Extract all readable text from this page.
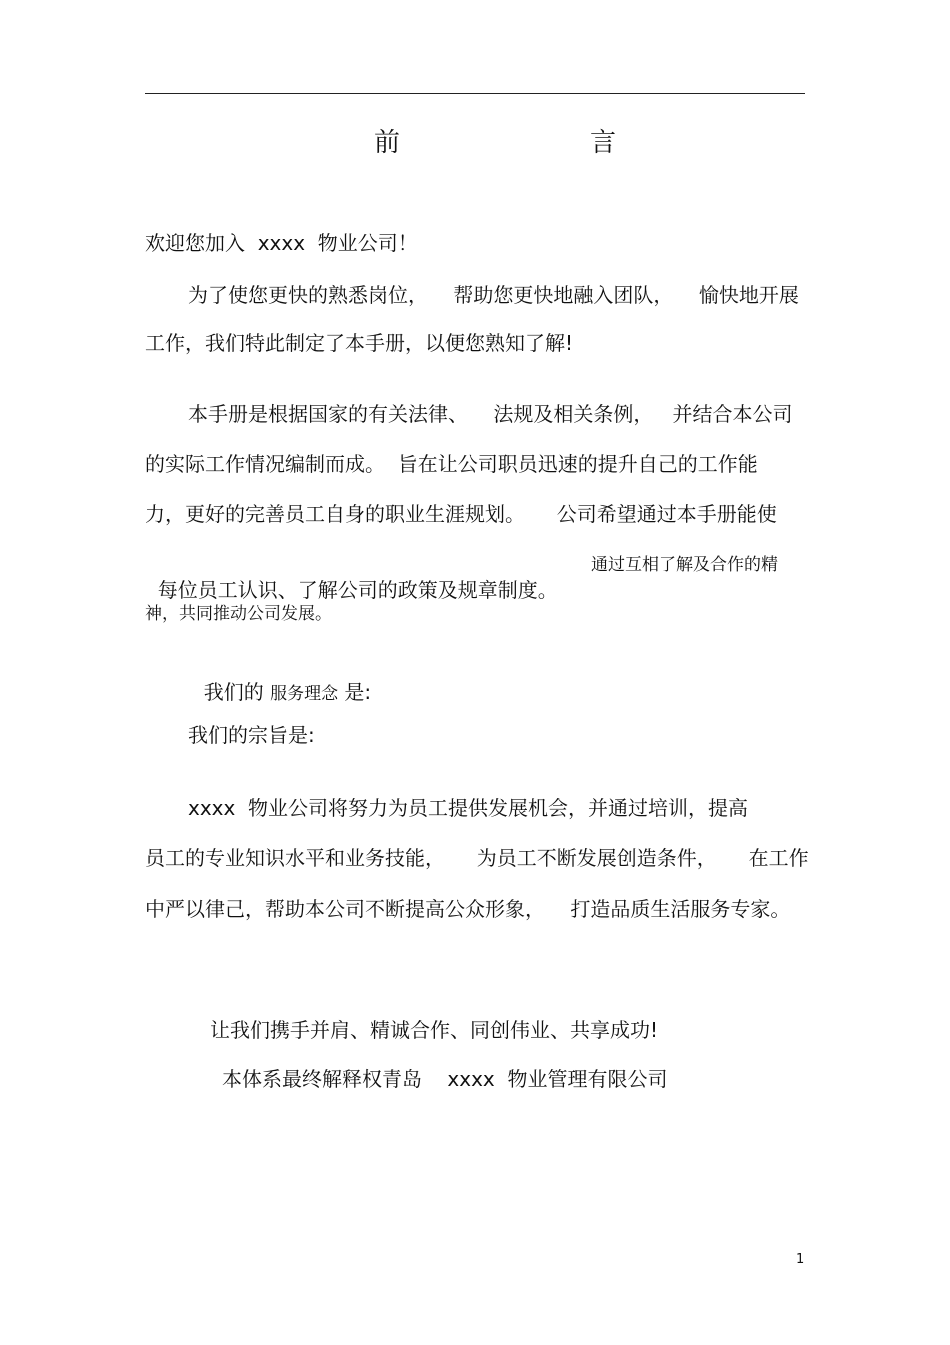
前	言
欢迎您加入  xxxx  物业公司！
为了使您更快的熟悉岗位，    帮助您更快地融入团队，    愉快地开展
工作，我们特此制定了本手册，以便您熟知了解!
本手册是根据国家的有关法律、    法规及相关条例，   并结合本公司
的实际工作情况编制而成。  旨在让公司职员迅速的提升自己的工作能
力，更好的完善员工自身的职业生涯规划。     公司希望通过本手册能使

每位员工认识、了解公司的政策及规章制度。

通过互相了解及合作的精

神，共同推动公司发展。

我们的 服务理念 是:

我们的宗旨是:
xxxx  物业公司将努力为员工提供发展机会，并通过培训，提高
员工的专业知识水平和业务技能，     为员工不断发展创造条件，     在工作
中严以律己，帮助本公司不断提高公众形象，    打造品质生活服务专家。
让我们携手并肩、精诚合作、同创伟业、共享成功!
本体系最终解释权青岛    xxxx  物业管理有限公司
1
